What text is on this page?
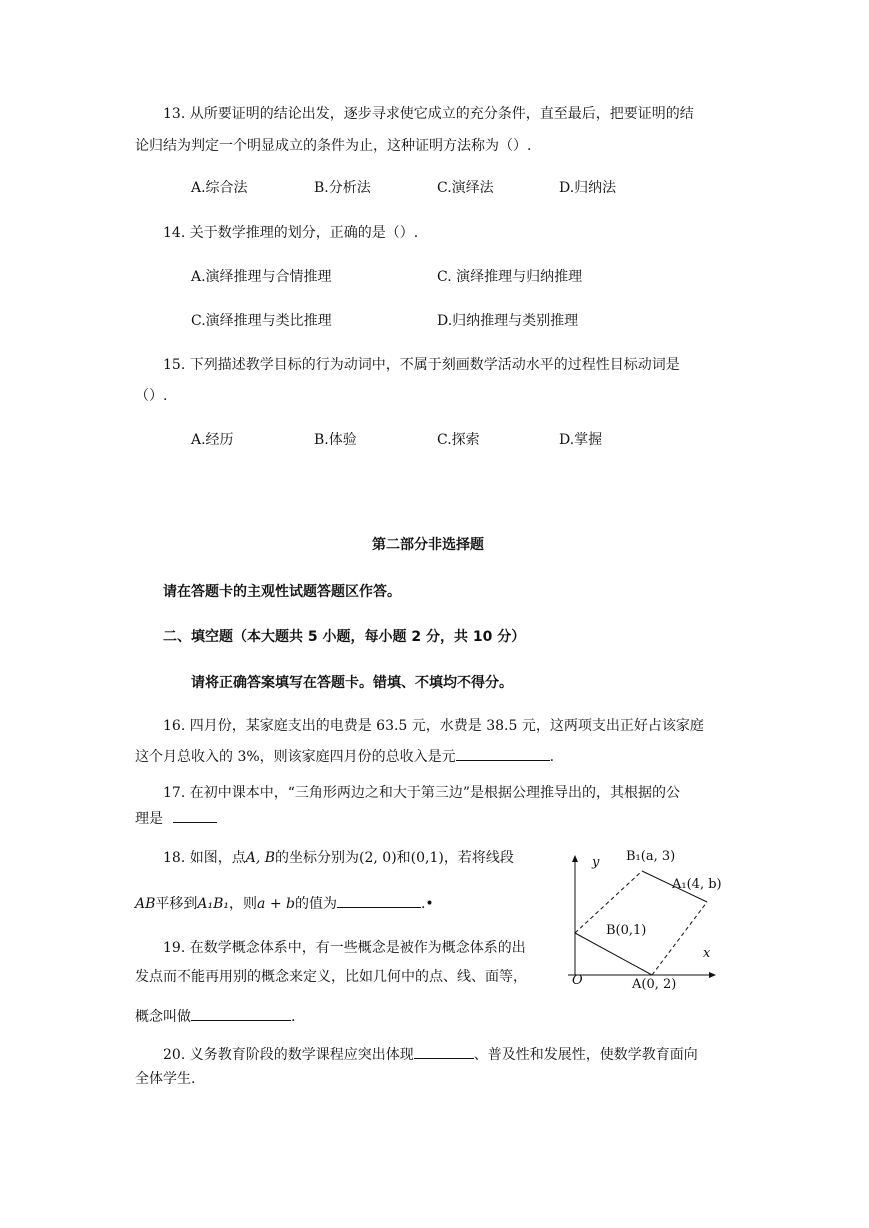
13. 从所要证明的结论出发，逐步寻求使它成立的充分条件，直至最后，把要证明的结
论归结为判定一个明显成立的条件为止，这种证明方法称为（）.
A.综合法	B.分析法	C.演绎法	D.归纳法
14. 关于数学推理的划分，正确的是（）.
A.演绎推理与合情推理	C. 演绎推理与归纳推理
C.演绎推理与类比推理	D.归纳推理与类别推理
15. 下列描述教学目标的行为动词中，不属于刻画数学活动水平的过程性目标动词是
（）.
A.经历	B.体验	C.探索	D.掌握
第二部分非选择题
请在答题卡的主观性试题答题区作答。
二、填空题（本大题共 5 小题，每小题 2 分，共 10 分）
请将正确答案填写在答题卡。错填、不填均不得分。
16. 四月份，某家庭支出的电费是 63.5 元，水费是 38.5 元，这两项支出正好占该家庭
这个月总收入的 3%，则该家庭四月份的总收入是元	.
17. 在初中课本中，“三角形两边之和大于第三边”是根据公理推导出的，其根据的公
理是
18. 如图，点A, B的坐标分别为(2, 0)和(0,1)，若将线段
AB平移到A₁B₁，则a + b的值为	.•
19. 在数学概念体系中，有一些概念是被作为概念体系的出
发点而不能再用别的概念来定义，比如几何中的点、线、面等，
概念叫做	.
20. 义务教育阶段的数学课程应突出体现	、普及性和发展性，使数学教育面向
全体学生.
y
x
O
B₁(a, 3)
A₁(4, b)
B(0,1)
A(0, 2)
